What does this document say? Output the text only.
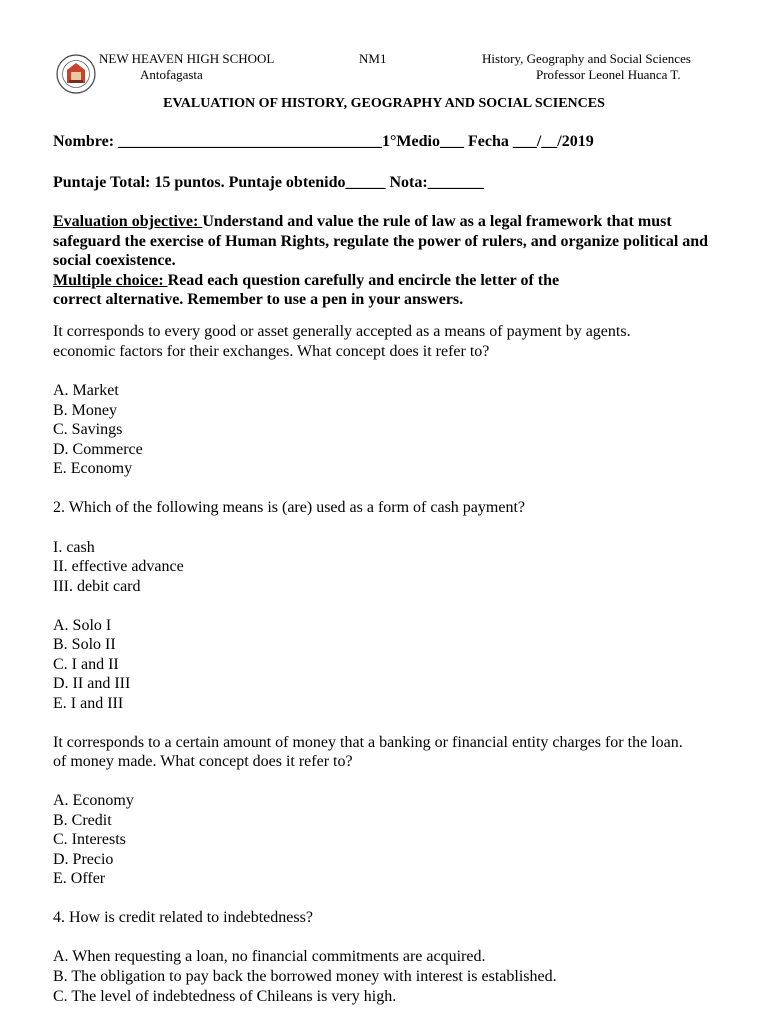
NEW HEAVEN HIGH SCHOOL
Antofagasta
NM1	History, Geography and Social Sciences
Professor Leonel Huanca T.
EVALUATION OF HISTORY, GEOGRAPHY AND SOCIAL SCIENCES
Nombre: _________________________________1°Medio___ Fecha ___/__/2019
Puntaje Total: 15 puntos. Puntaje obtenido_____ Nota:_______

Evaluation objective: Understand and value the rule of law as a legal framework that must safeguard the exercise of Human Rights, regulate the power of rulers, and organize political and social coexistence.

Multiple choice: Read each question carefully and encircle the letter of the

correct alternative. Remember to use a pen in your answers.

It corresponds to every good or asset generally accepted as a means of payment by agents.
economic factors for their exchanges. What concept does it refer to?
A. Market
B. Money
C. Savings
D. Commerce
E. Economy
2. Which of the following means is (are) used as a form of cash payment?
I. cash
II. effective advance
III. debit card
A. Solo I
B. Solo II
C. I and II
D. II and III
E. I and III
It corresponds to a certain amount of money that a banking or financial entity charges for the loan.
of money made. What concept does it refer to?
A. Economy
B. Credit
C. Interests
D. Precio
E. Offer
4. How is credit related to indebtedness?
A. When requesting a loan, no financial commitments are acquired.
B. The obligation to pay back the borrowed money with interest is established.
C. The level of indebtedness of Chileans is very high.
